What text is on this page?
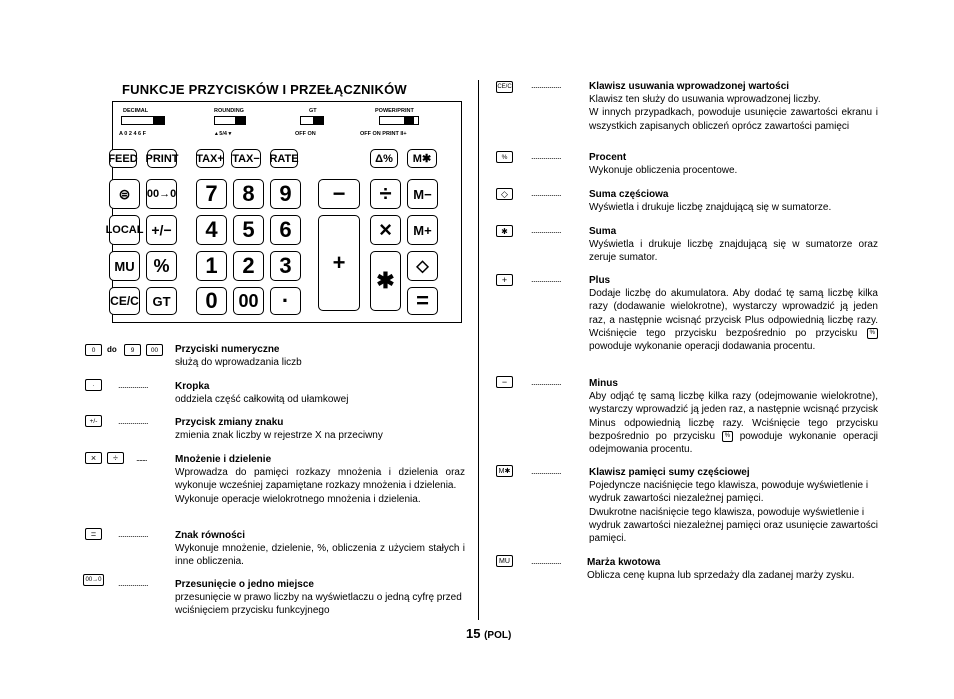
FUNKCJE PRZYCISKÓW I PRZEŁĄCZNIKÓW
15 (POL)
DECIMAL
A 0 2 4 6 F
ROUNDING
▴ 5/4 ▾
GT
OFF ON
POWER/PRINT
OFF ON PRINT II+
FEED PRINT TAX+ TAX− RATE	Δ%	M✱
⊜	00→0	7	8	9	−	÷	M−
LOCAL +/−	4	5	6
+
×	M+
MU	%	1	2	3
✱
◇
CE/C	GT	0	00	·	=
0	do	9	00	Przyciski numeryczne
służą do wprowadzania liczb
·	...............	Kropka
oddziela część całkowitą od ułamkowej
+/-	...............	Przycisk zmiany znaku
zmienia znak liczby w rejestrze X na przeciwny
×	÷	.......	Mnożenie i dzielenie
Wprowadza do pamięci rozkazy mnożenia i dzielenia oraz wykonuje wcześniej zapamiętane rozkazy mnożenia i dzielenia.
Wykonuje operacje wielokrotnego mnożenia i dzielenia.
=	...............	Znak równości
Wykonuje mnożenie, dzielenie, %, obliczenia z użyciem stałych i inne obliczenia.
00→0 ...............	Przesunięcie o jedno miejsce
przesunięcie w prawo liczby na wyświetlaczu o jedną cyfrę przed wciśnięciem przycisku funkcyjnego
CE/C ...............	Klawisz usuwania wprowadzonej wartości
Klawisz ten służy do usuwania wprowadzonej liczby.
W innych przypadkach, powoduje usunięcie zawartości ekranu i wszystkich zapisanych obliczeń oprócz zawartości pamięci
%	...............	Procent
Wykonuje obliczenia procentowe.
◇	...............	Suma częściowa
Wyświetla i drukuje liczbę znajdującą się w sumatorze.
✱	...............	Suma
Wyświetla i drukuje liczbę znajdującą się w sumatorze oraz zeruje sumator.
+	...............	Plus
Dodaje liczbę do akumulatora. Aby dodać tę samą liczbę kilka razy (dodawanie wielokrotne), wystarczy wprowadzić ją jeden raz, a następnie wcisnąć przycisk Plus odpowiednią liczbę razy. Wciśnięcie tego przycisku bezpośrednio po przycisku % powoduje wykonanie operacji dodawania procentu.
−	...............	Minus
Aby odjąć tę samą liczbę kilka razy (odejmowanie wielokrotne), wystarczy wprowadzić ją jeden raz, a następnie wcisnąć przycisk Minus odpowiednią liczbę razy. Wciśnięcie tego przycisku bezpośrednio po przycisku % powoduje wykonanie operacji odejmowania procentu.
M✱ ...............	Klawisz pamięci sumy częściowej
Pojedyncze naciśnięcie tego klawisza, powoduje wyświetlenie i wydruk zawartości niezależnej pamięci.
Dwukrotne naciśnięcie tego klawisza, powoduje wyświetlenie i wydruk zawartości niezależnej pamięci oraz usunięcie zawartości pamięci.
MU	...............	Marża kwotowa
Oblicza cenę kupna lub sprzedaży dla zadanej marży zysku.
